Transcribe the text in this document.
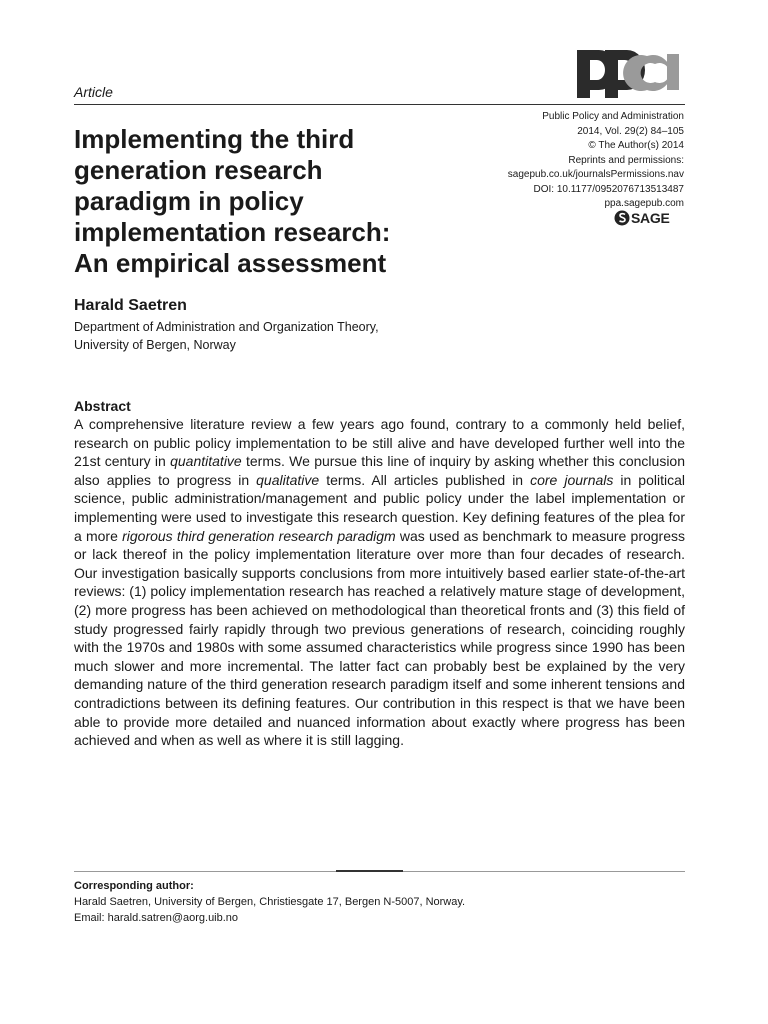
Article
Implementing the third
generation research
paradigm in policy
implementation research:
An empirical assessment
Public Policy and Administration
2014, Vol. 29(2) 84–105
© The Author(s) 2014
Reprints and permissions:
sagepub.co.uk/journalsPermissions.nav
DOI: 10.1177/0952076713513487
ppa.sagepub.com
SAGE
Harald Saetren
Department of Administration and Organization Theory,
University of Bergen, Norway
Abstract

A comprehensive literature review a few years ago found, contrary to a commonly held belief, research on public policy implementation to be still alive and have developed further well into the 21st century in quantitative terms. We pursue this line of inquiry by asking whether this conclusion also applies to progress in qualitative terms. All articles published in core journals in political science, public administration/management and public policy under the label implementation or implementing were used to investigate this research question. Key defining features of the plea for a more rigorous third generation research paradigm was used as benchmark to measure progress or lack thereof in the policy implementation literature over more than four decades of research. Our investigation basically supports conclusions from more intuitively based earlier state-of-the-art reviews: (1) policy implementation research has reached a relatively mature stage of development, (2) more progress has been achieved on methodological than theoretical fronts and (3) this field of study progressed fairly rapidly through two previous generations of research, coinciding roughly with the 1970s and 1980s with some assumed characteristics while progress since 1990 has been much slower and more incremental. The latter fact can probably best be explained by the very demanding nature of the third generation research paradigm itself and some inherent tensions and contradictions between its defining features. Our contribution in this respect is that we have been able to provide more detailed and nuanced information about exactly where progress has been achieved and when as well as where it is still lagging.

Corresponding author:
Harald Saetren, University of Bergen, Christiesgate 17, Bergen N-5007, Norway.
Email: harald.satren@aorg.uib.no
